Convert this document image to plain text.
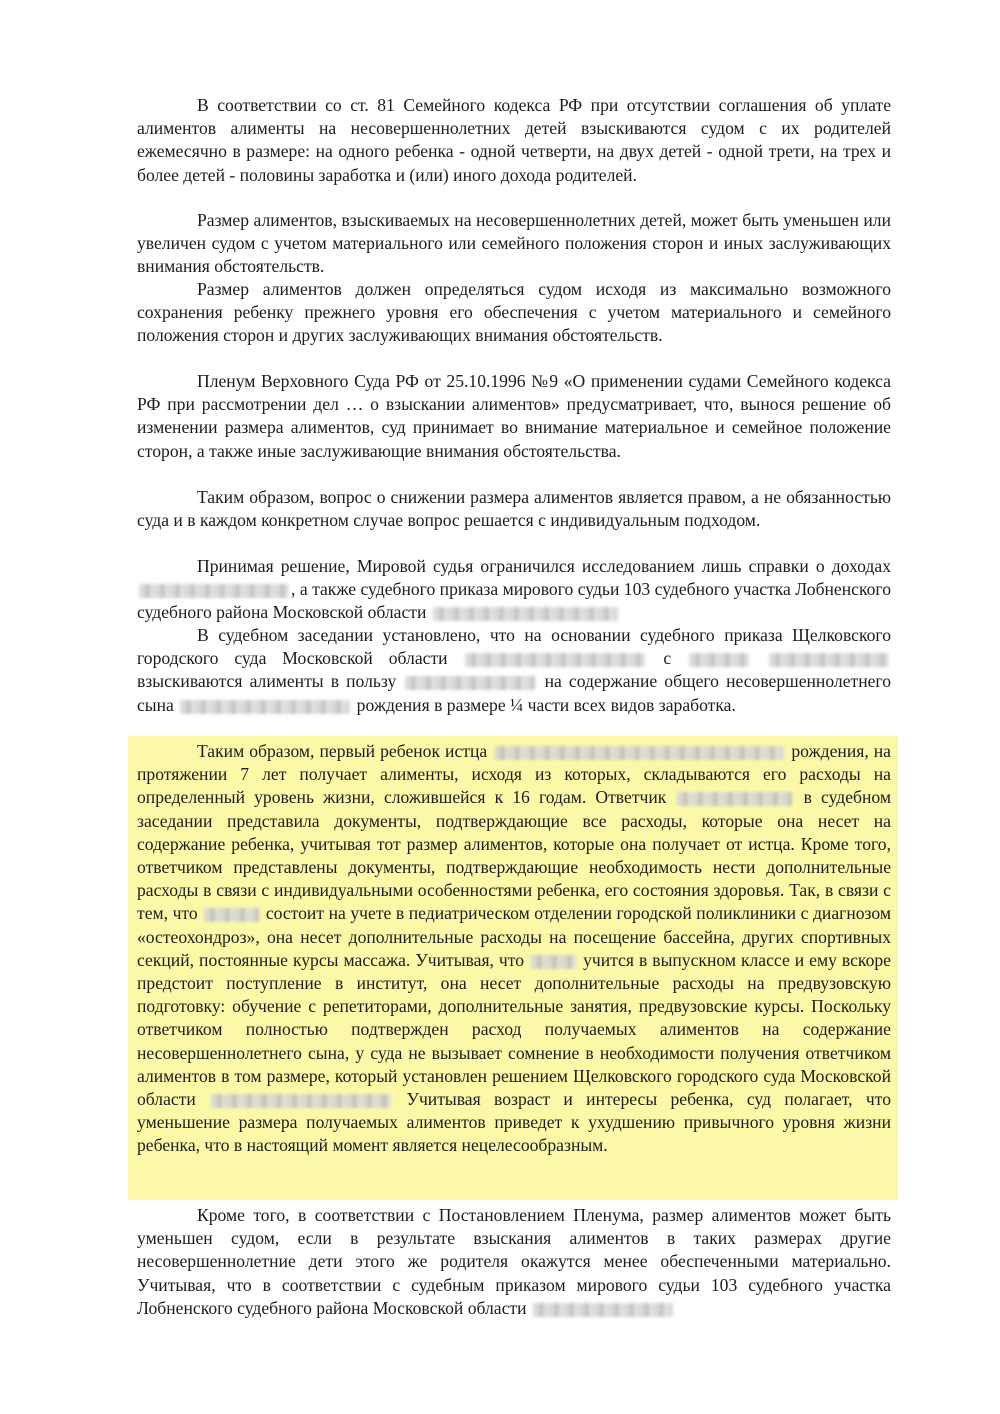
В соответствии со ст. 81 Семейного кодекса РФ при отсутствии соглашения об уплате алиментов алименты на несовершеннолетних детей взыскиваются судом с их родителей ежемесячно в размере: на одного ребенка - одной четверти, на двух детей - одной трети, на трех и более детей - половины заработка и (или) иного дохода родителей.
Размер алиментов, взыскиваемых на несовершеннолетних детей, может быть уменьшен или увеличен судом с учетом материального или семейного положения сторон и иных заслуживающих внимания обстоятельств.
Размер алиментов должен определяться судом исходя из максимально возможного сохранения ребенку прежнего уровня его обеспечения с учетом материального и семейного положения сторон и других заслуживающих внимания обстоятельств.
Пленум Верховного Суда РФ от 25.10.1996 №9 «О применении судами Семейного кодекса РФ при рассмотрении дел … о взыскании алиментов» предусматривает, что, вынося решение об изменении размера алиментов, суд принимает во внимание материальное и семейное положение сторон, а также иные заслуживающие внимания обстоятельства.
Таким образом, вопрос о снижении размера алиментов является правом, а не обязанностью суда и в каждом конкретном случае вопрос решается с индивидуальным подходом.
Принимая решение, Мировой судья ограничился исследованием лишь справки о доходах , а также судебного приказа мирового судьи 103 судебного участка Лобненского судебного района Московской области
В судебном заседании установлено, что на основании судебного приказа Щелковского городского суда Московской области	с   взыскиваются алименты в пользу	на содержание общего несовершеннолетнего сына	рождения в размере ¼ части всех видов заработка.
Таким образом, первый ребенок истца	рождения, на протяжении 7 лет получает алименты, исходя из которых, складываются его расходы на определенный уровень жизни, сложившейся к 16 годам. Ответчик	в судебном заседании представила документы, подтверждающие все расходы, которые она несет на содержание ребенка, учитывая тот размер алиментов, которые она получает от истца. Кроме того, ответчиком представлены документы, подтверждающие необходимость нести дополнительные расходы в связи с индивидуальными особенностями ребенка, его состояния здоровья. Так, в связи с тем, что	состоит на учете в педиатрическом отделении городской поликлиники с диагнозом «остеохондроз», она несет дополнительные расходы на посещение бассейна, других спортивных секций, постоянные курсы массажа. Учитывая, что	учится в выпускном классе и ему вскоре предстоит поступление в институт, она несет дополнительные расходы на предвузовскую подготовку: обучение с репетиторами, дополнительные занятия, предвузовские курсы. Поскольку ответчиком полностью подтвержден расход получаемых алиментов на содержание несовершеннолетнего сына, у суда не вызывает сомнение в необходимости получения ответчиком алиментов в том размере, который установлен решением Щелковского городского суда Московской области	Учитывая возраст и интересы ребенка, суд полагает, что уменьшение размера получаемых алиментов приведет к ухудшению привычного уровня жизни ребенка, что в настоящий момент является нецелесообразным.
Кроме того, в соответствии с Постановлением Пленума, размер алиментов может быть уменьшен судом, если в результате взыскания алиментов в таких размерах другие несовершеннолетние дети этого же родителя окажутся менее обеспеченными материально. Учитывая, что в соответствии с судебным приказом мирового судьи 103 судебного участка Лобненского судебного района Московской области
